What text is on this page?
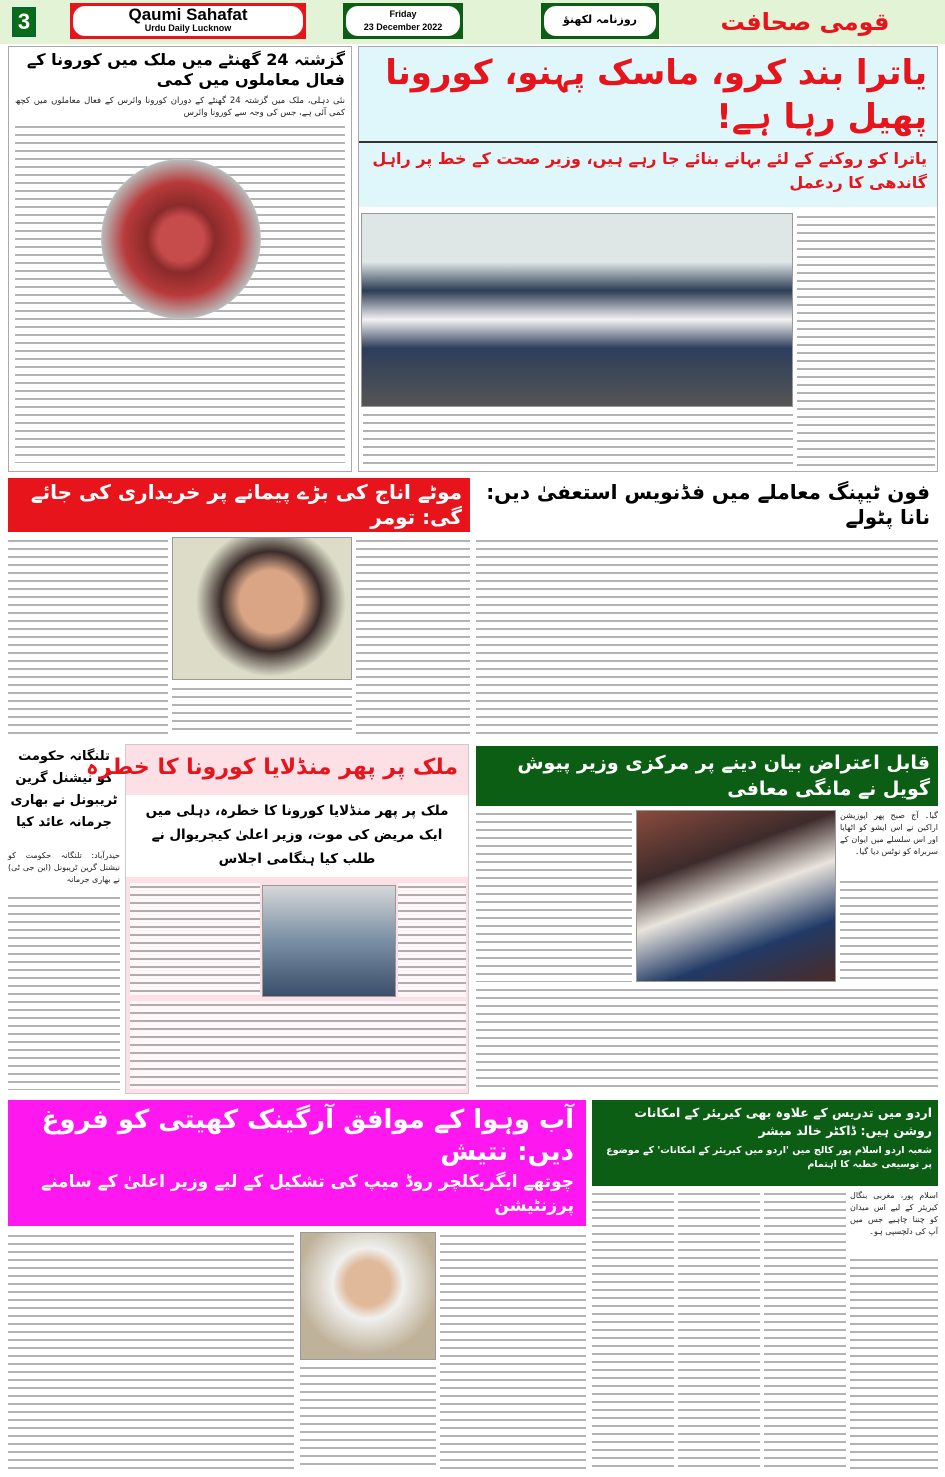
3	Qaumi Sahafat
Urdu Daily Lucknow
Friday
23 December 2022
روزنامہ لکھنؤ	قومی صحافت
گزشتہ 24 گھنٹے میں ملک میں کورونا کے فعال معاملوں میں کمی
نئی دہلی، ملک میں گزشتہ 24 گھنٹے کے دوران کورونا وائرس کے فعال معاملوں میں کچھ کمی آئی ہے، جس کی وجہ سے کورونا وائرس
یاترا بند کرو، ماسک پہنو، کورونا پھیل رہا ہے!
یاترا کو روکنے کے لئے بہانے بنائے جا رہے ہیں، وزیر صحت کے خط پر راہل گاندھی کا ردعمل
موٹے اناج کی بڑے پیمانے پر خریداری کی جائے گی: تومر
فون ٹیپنگ معاملے میں فڈنویس استعفیٰ دیں: نانا پٹولے
تلنگانہ حکومت کو نیشنل گرین ٹریبونل نے بھاری جرمانہ عائد کیا
حیدرآباد: تلنگانہ حکومت کو نیشنل گرین ٹریبونل (این جی ٹی) نے بھاری جرمانہ
ملک پر پھر منڈلایا کورونا کا خطرہ
ملک پر پھر منڈلایا کورونا کا خطرہ، دہلی میں ایک مریض کی موت، وزیر اعلیٰ کیجریوال نے طلب کیا ہنگامی اجلاس
قابل اعتراض بیان دینے پر مرکزی وزیر پیوش گویل نے مانگی معافی
گیا۔ آج صبح پھر اپوزیشن اراکین نے اس ایشو کو اٹھایا اور اس سلسلے میں ایوان کے سربراہ کو نوٹس دیا گیا۔
آب وہوا کے موافق آرگینک کھیتی کو فروغ دیں: نتیش
چوتھے ایگریکلچر روڈ میپ کی تشکیل کے لیے وزیر اعلیٰ کے سامنے پرزنٹیشن
اردو میں تدریس کے علاوہ بھی کیریئر کے امکانات روشن ہیں: ڈاکٹر خالد مبشر
شعبہ اردو اسلام پور کالج میں 'اردو میں کیریئر کے امکانات' کے موضوع پر توسیعی خطبہ کا اہتمام
اسلام پور، مغربی بنگال کیریئر کے لیے اس میدان کو چننا چاہیے جس میں آپ کی دلچسپی ہو۔
